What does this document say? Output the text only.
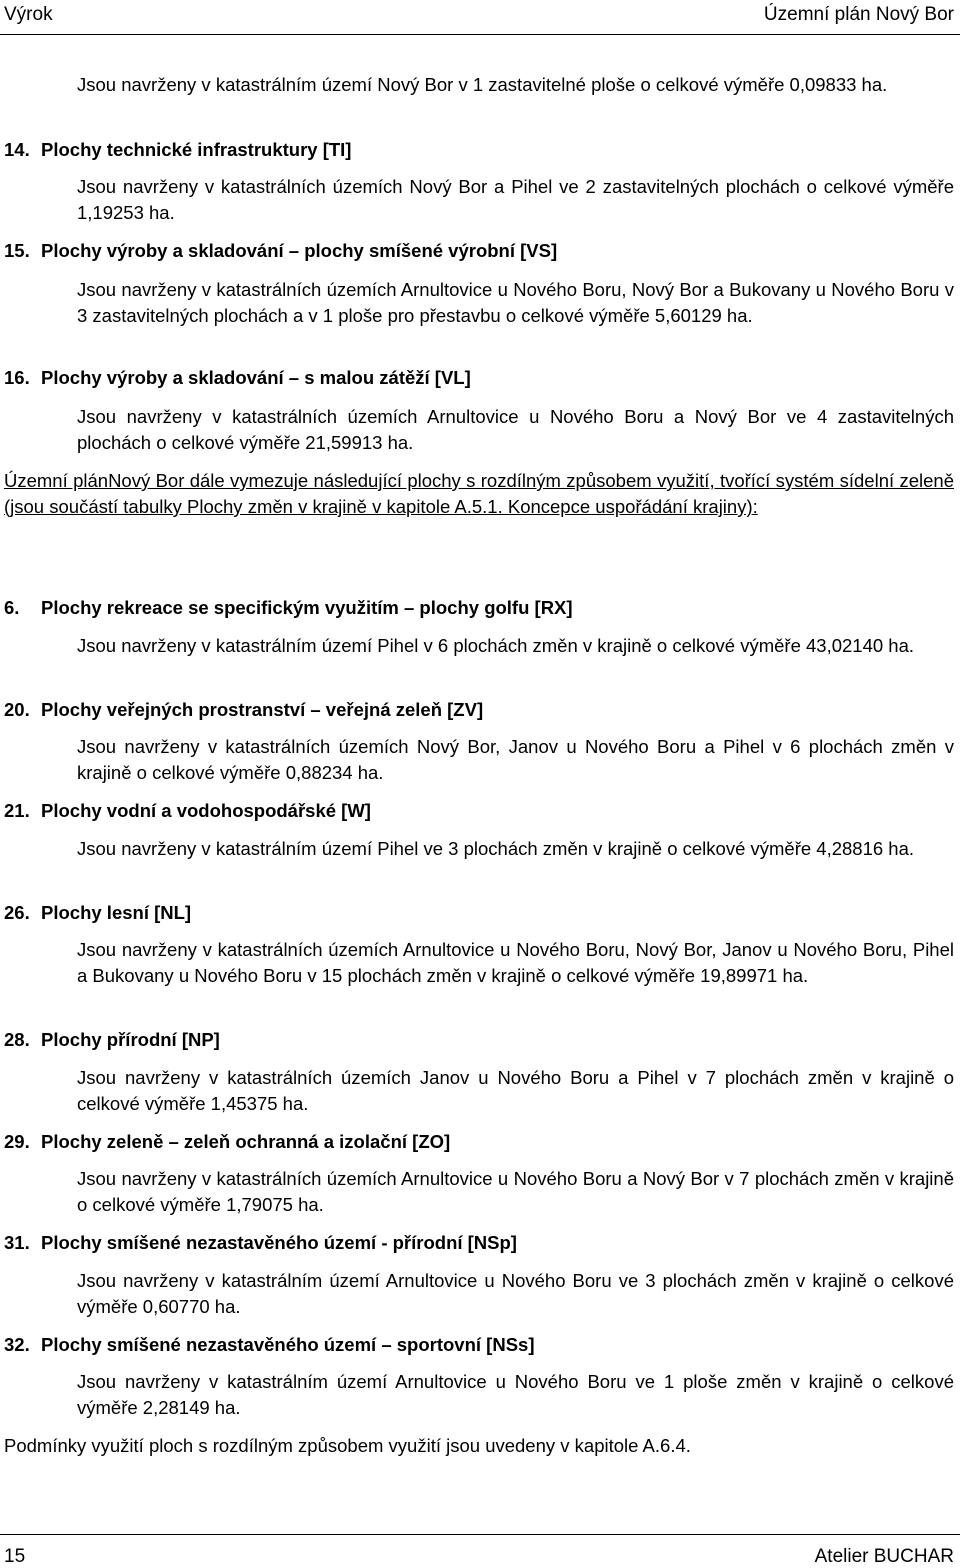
Výrok	Územní plán Nový Bor

Jsou navrženy v katastrálním území Nový Bor v 1 zastavitelné ploše o celkové výměře 0,09833 ha.

14. Plochy technické infrastruktury [TI]

Jsou navrženy v katastrálních územích Nový Bor a Pihel ve 2 zastavitelných plochách o celkové výměře 1,19253 ha.

15. Plochy výroby a skladování – plochy smíšené výrobní [VS]

Jsou navrženy v katastrálních územích Arnultovice u Nového Boru, Nový Bor a Bukovany u Nového Boru v 3 zastavitelných plochách a v 1 ploše pro přestavbu o celkové výměře 5,60129 ha.

16. Plochy výroby a skladování – s malou zátěží [VL]

Jsou navrženy v katastrálních územích Arnultovice u Nového Boru a Nový Bor ve 4 zastavitelných plochách o celkové výměře 21,59913 ha.

Územní plánNový Bor dále vymezuje následující plochy s rozdílným způsobem využití, tvořící systém sídelní zeleně (jsou součástí tabulky Plochy změn v krajině v kapitole A.5.1. Koncepce uspořádání krajiny):

6. Plochy rekreace se specifickým využitím – plochy golfu [RX]

Jsou navrženy v katastrálním území Pihel v 6 plochách změn v krajině o celkové výměře 43,02140 ha.

20. Plochy veřejných prostranství – veřejná zeleň [ZV]

Jsou navrženy v katastrálních územích Nový Bor, Janov u Nového Boru a Pihel v 6 plochách změn v krajině o celkové výměře 0,88234 ha.

21. Plochy vodní a vodohospodářské [W]

Jsou navrženy v katastrálním území Pihel ve 3 plochách změn v krajině o celkové výměře 4,28816 ha.

26. Plochy lesní [NL]

Jsou navrženy v katastrálních územích Arnultovice u Nového Boru, Nový Bor, Janov u Nového Boru, Pihel a Bukovany u Nového Boru v 15 plochách změn v krajině o celkové výměře 19,89971 ha.

28. Plochy přírodní [NP]

Jsou navrženy v katastrálních územích Janov u Nového Boru a Pihel v 7 plochách změn v krajině o celkové výměře 1,45375 ha.

29. Plochy zeleně – zeleň ochranná a izolační [ZO]

Jsou navrženy v katastrálních územích Arnultovice u Nového Boru a Nový Bor v 7 plochách změn v krajině o celkové výměře 1,79075 ha.

31. Plochy smíšené nezastavěného území - přírodní [NSp]

Jsou navrženy v katastrálním území Arnultovice u Nového Boru ve 3 plochách změn v krajině o celkové výměře 0,60770 ha.

32. Plochy smíšené nezastavěného území – sportovní [NSs]

Jsou navrženy v katastrálním území Arnultovice u Nového Boru ve 1 ploše změn v krajině o celkové výměře 2,28149 ha.

Podmínky využití ploch s rozdílným způsobem využití jsou uvedeny v kapitole A.6.4.

15	Atelier BUCHAR
